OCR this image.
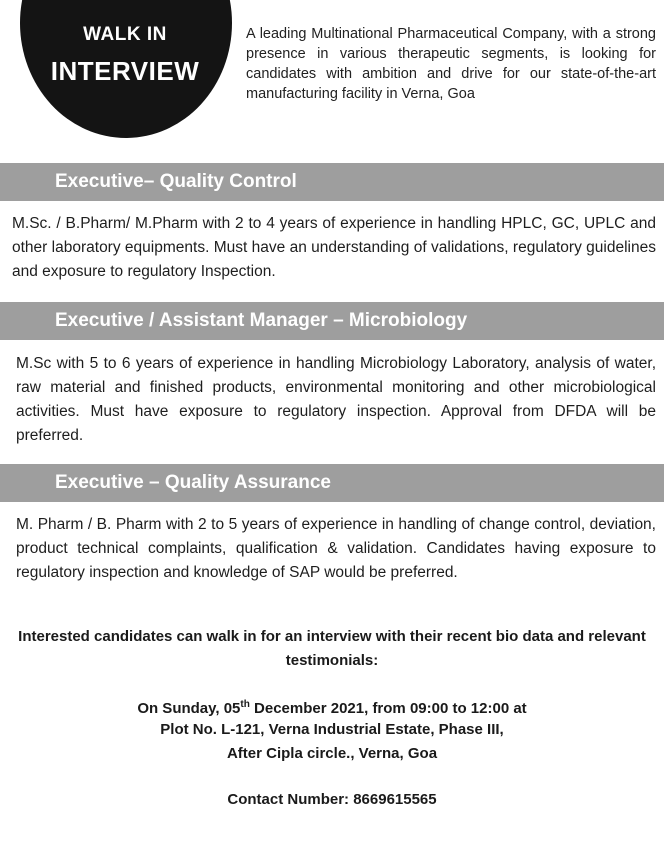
WALK IN
INTERVIEW
A leading Multinational Pharmaceutical Company, with a strong presence in various therapeutic segments, is looking for candidates with ambition and drive for our state-of-the-art manufacturing facility in Verna, Goa
Executive– Quality Control
M.Sc. / B.Pharm/ M.Pharm with 2 to 4 years of experience in handling HPLC, GC, UPLC and other laboratory equipments. Must have an understanding of validations, regulatory guidelines and exposure to regulatory Inspection.
Executive / Assistant Manager – Microbiology
M.Sc with 5 to 6 years of experience in handling Microbiology Laboratory, analysis of water, raw material and finished products, environmental monitoring and other microbiological activities. Must have exposure to regulatory inspection. Approval from DFDA will be preferred.
Executive – Quality Assurance
M. Pharm / B. Pharm with 2 to 5 years of experience in handling of change control, deviation, product technical complaints, qualification & validation. Candidates having exposure to regulatory inspection and knowledge of SAP would be preferred.
Interested candidates can walk in for an interview with their recent bio data and relevant testimonials:
On Sunday, 05th December 2021, from 09:00 to 12:00 at
Plot No. L-121, Verna Industrial Estate, Phase III,
After Cipla circle., Verna, Goa
Contact Number: 8669615565
